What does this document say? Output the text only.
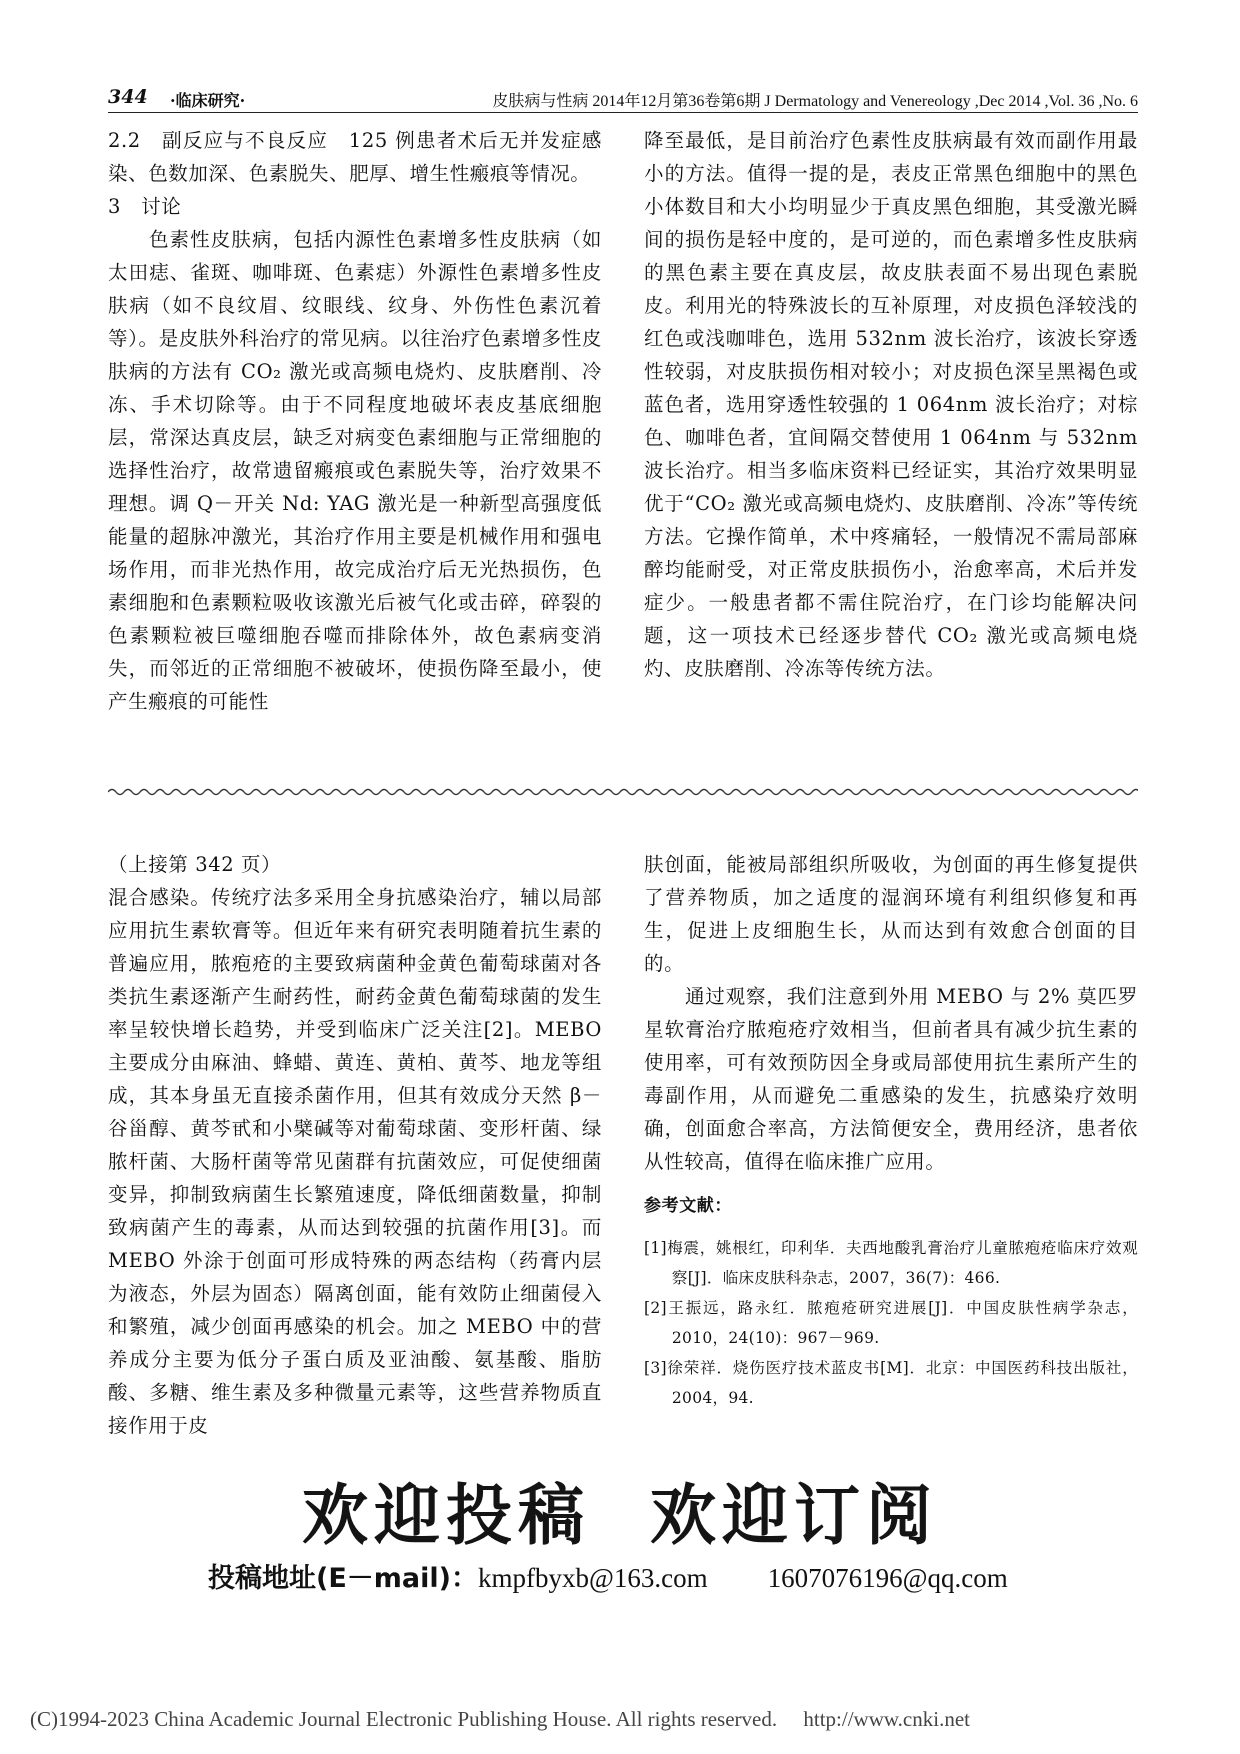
344 ·临床研究·	皮肤病与性病 2014年12月第36卷第6期 J Dermatology and Venereology ,Dec 2014 ,Vol. 36 ,No. 6

2.2　副反应与不良反应　125 例患者术后无并发症感染、色数加深、色素脱失、肥厚、增生性瘢痕等情况。

3　讨论

色素性皮肤病，包括内源性色素增多性皮肤病（如太田痣、雀斑、咖啡斑、色素痣）外源性色素增多性皮肤病（如不良纹眉、纹眼线、纹身、外伤性色素沉着等）。是皮肤外科治疗的常见病。以往治疗色素增多性皮肤病的方法有 CO₂ 激光或高频电烧灼、皮肤磨削、冷冻、手术切除等。由于不同程度地破坏表皮基底细胞层，常深达真皮层，缺乏对病变色素细胞与正常细胞的选择性治疗，故常遗留瘢痕或色素脱失等，治疗效果不理想。调 Q－开关 Nd: YAG 激光是一种新型高强度低能量的超脉冲激光，其治疗作用主要是机械作用和强电场作用，而非光热作用，故完成治疗后无光热损伤，色素细胞和色素颗粒吸收该激光后被气化或击碎，碎裂的色素颗粒被巨噬细胞吞噬而排除体外，故色素病变消失，而邻近的正常细胞不被破坏，使损伤降至最小，使产生瘢痕的可能性

降至最低，是目前治疗色素性皮肤病最有效而副作用最小的方法。值得一提的是，表皮正常黑色细胞中的黑色小体数目和大小均明显少于真皮黑色细胞，其受激光瞬间的损伤是轻中度的，是可逆的，而色素增多性皮肤病的黑色素主要在真皮层，故皮肤表面不易出现色素脱皮。利用光的特殊波长的互补原理，对皮损色泽较浅的红色或浅咖啡色，选用 532nm 波长治疗，该波长穿透性较弱，对皮肤损伤相对较小；对皮损色深呈黑褐色或蓝色者，选用穿透性较强的 1 064nm 波长治疗；对棕色、咖啡色者，宜间隔交替使用 1 064nm 与 532nm 波长治疗。相当多临床资料已经证实，其治疗效果明显优于“CO₂ 激光或高频电烧灼、皮肤磨削、冷冻”等传统方法。它操作简单，术中疼痛轻，一般情况不需局部麻醉均能耐受，对正常皮肤损伤小，治愈率高，术后并发症少。一般患者都不需住院治疗，在门诊均能解决问题，这一项技术已经逐步替代 CO₂ 激光或高频电烧灼、皮肤磨削、冷冻等传统方法。

（上接第 342 页）

混合感染。传统疗法多采用全身抗感染治疗，辅以局部应用抗生素软膏等。但近年来有研究表明随着抗生素的普遍应用，脓疱疮的主要致病菌种金黄色葡萄球菌对各类抗生素逐渐产生耐药性，耐药金黄色葡萄球菌的发生率呈较快增长趋势，并受到临床广泛关注[2]。MEBO 主要成分由麻油、蜂蜡、黄连、黄柏、黄芩、地龙等组成，其本身虽无直接杀菌作用，但其有效成分天然 β－谷甾醇、黄芩甙和小檗碱等对葡萄球菌、变形杆菌、绿脓杆菌、大肠杆菌等常见菌群有抗菌效应，可促使细菌变异，抑制致病菌生长繁殖速度，降低细菌数量，抑制致病菌产生的毒素，从而达到较强的抗菌作用[3]。而 MEBO 外涂于创面可形成特殊的两态结构（药膏内层为液态，外层为固态）隔离创面，能有效防止细菌侵入和繁殖，减少创面再感染的机会。加之 MEBO 中的营养成分主要为低分子蛋白质及亚油酸、氨基酸、脂肪酸、多糖、维生素及多种微量元素等，这些营养物质直接作用于皮

肤创面，能被局部组织所吸收，为创面的再生修复提供了营养物质，加之适度的湿润环境有利组织修复和再生，促进上皮细胞生长，从而达到有效愈合创面的目的。

通过观察，我们注意到外用 MEBO 与 2% 莫匹罗星软膏治疗脓疱疮疗效相当，但前者具有减少抗生素的使用率，可有效预防因全身或局部使用抗生素所产生的毒副作用，从而避免二重感染的发生，抗感染疗效明确，创面愈合率高，方法简便安全，费用经济，患者依从性较高，值得在临床推广应用。

参考文献：

[1]梅震，姚根红，印利华．夫西地酸乳膏治疗儿童脓疱疮临床疗效观察[J]．临床皮肤科杂志，2007，36(7)：466.
[2]王振远，路永红．脓疱疮研究进展[J]．中国皮肤性病学杂志，2010，24(10)：967－969.
[3]徐荣祥．烧伤医疗技术蓝皮书[M]．北京：中国医药科技出版社，2004，94.
欢迎投稿 欢迎订阅
投稿地址(E－mail)：kmpfbyxb@163.com 1607076196@qq.com
(C)1994-2023 China Academic Journal Electronic Publishing House. All rights reserved.　 http://www.cnki.net
